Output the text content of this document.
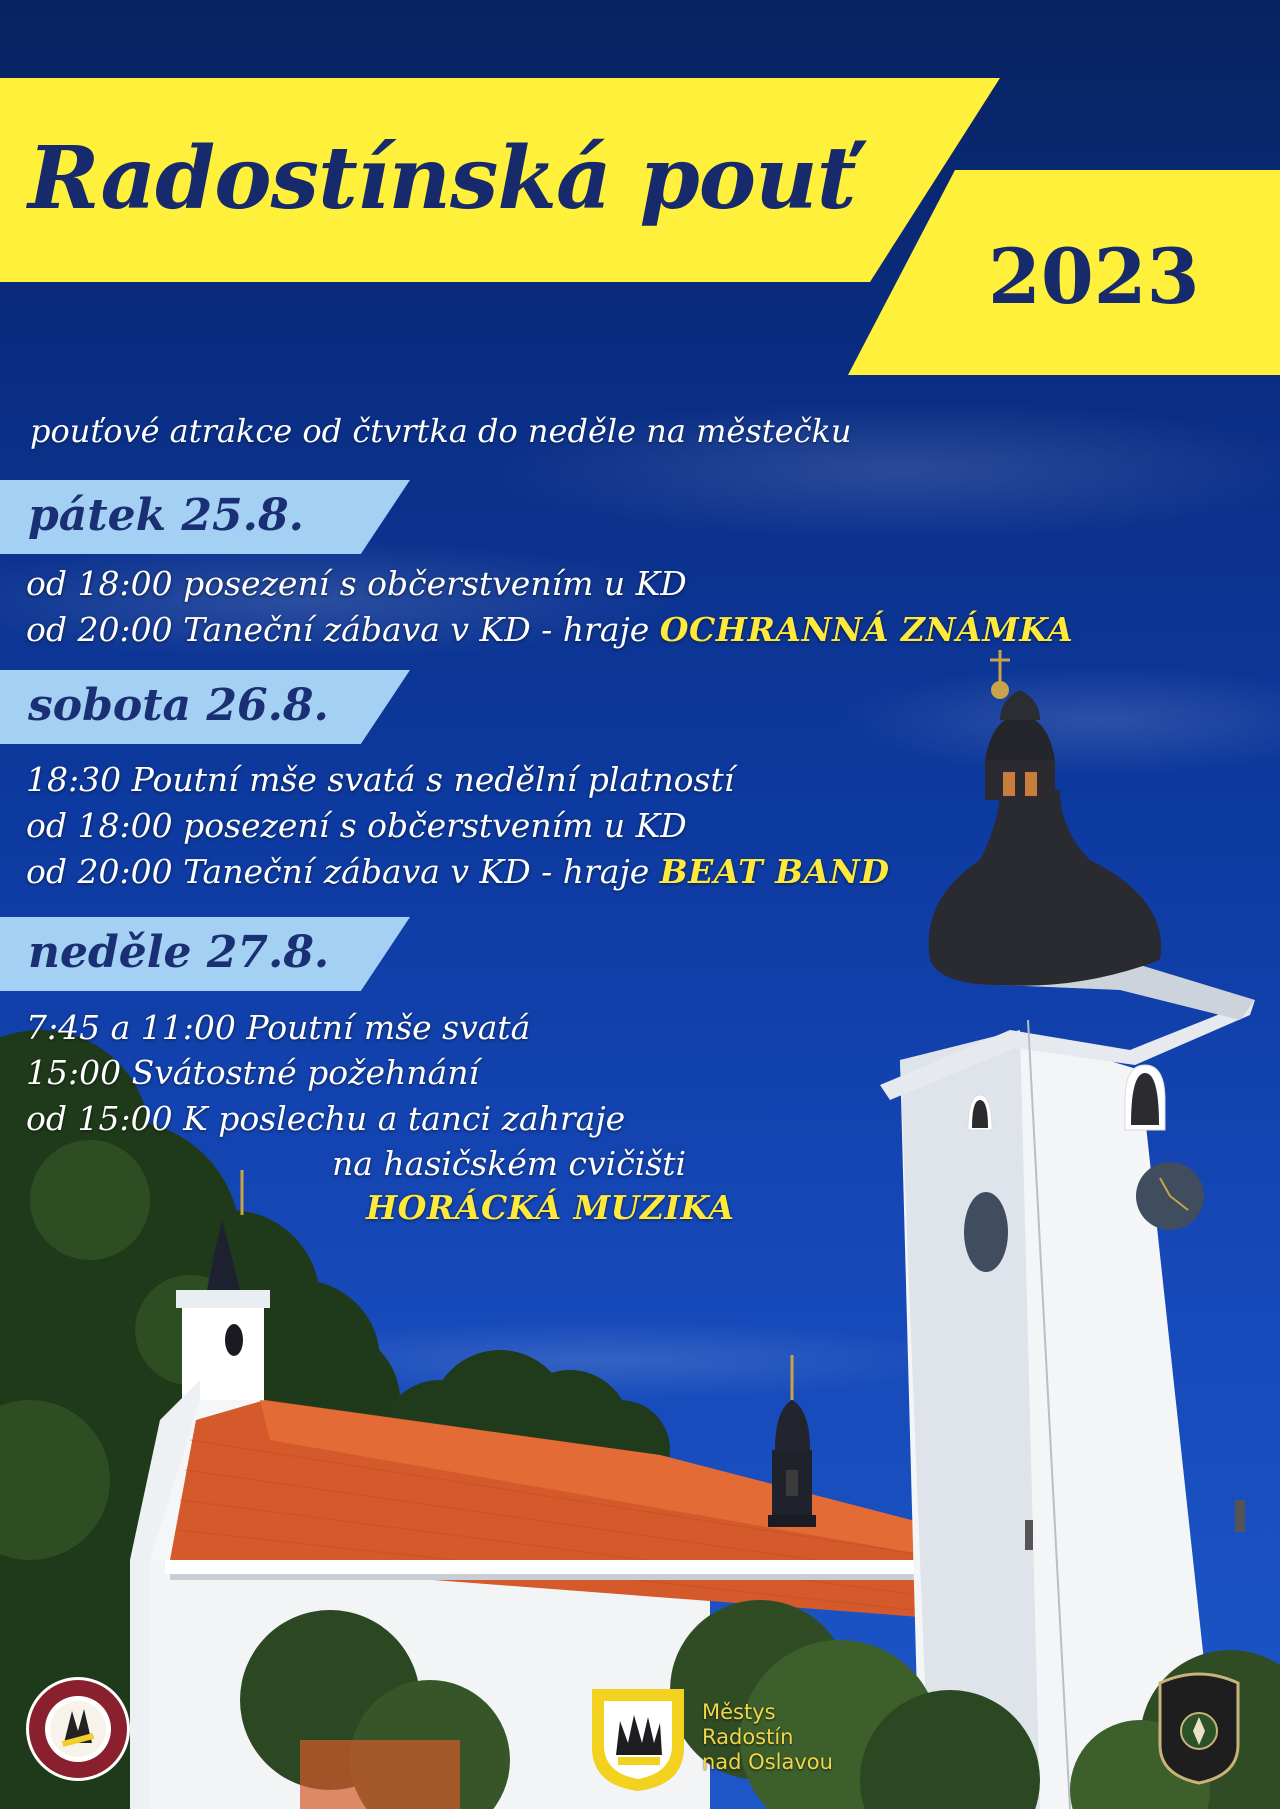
Radostínská pouť
2023
pouťové atrakce od čtvrtka do neděle na městečku
pátek 25.8.
od 18:00 posezení s občerstvením u KD
od 20:00 Taneční zábava v KD - hraje OCHRANNÁ ZNÁMKA
sobota 26.8.
18:30 Poutní mše svatá s nedělní platností
od 18:00 posezení s občerstvením u KD
od 20:00 Taneční zábava v KD - hraje BEAT BAND
neděle 27.8.
7:45 a 11:00 Poutní mše svatá
15:00 Svátostné požehnání
od 15:00 K poslechu a tanci zahraje
na hasičském cvičišti
HORÁCKÁ MUZIKA
Městys
Radostín
nad Oslavou
